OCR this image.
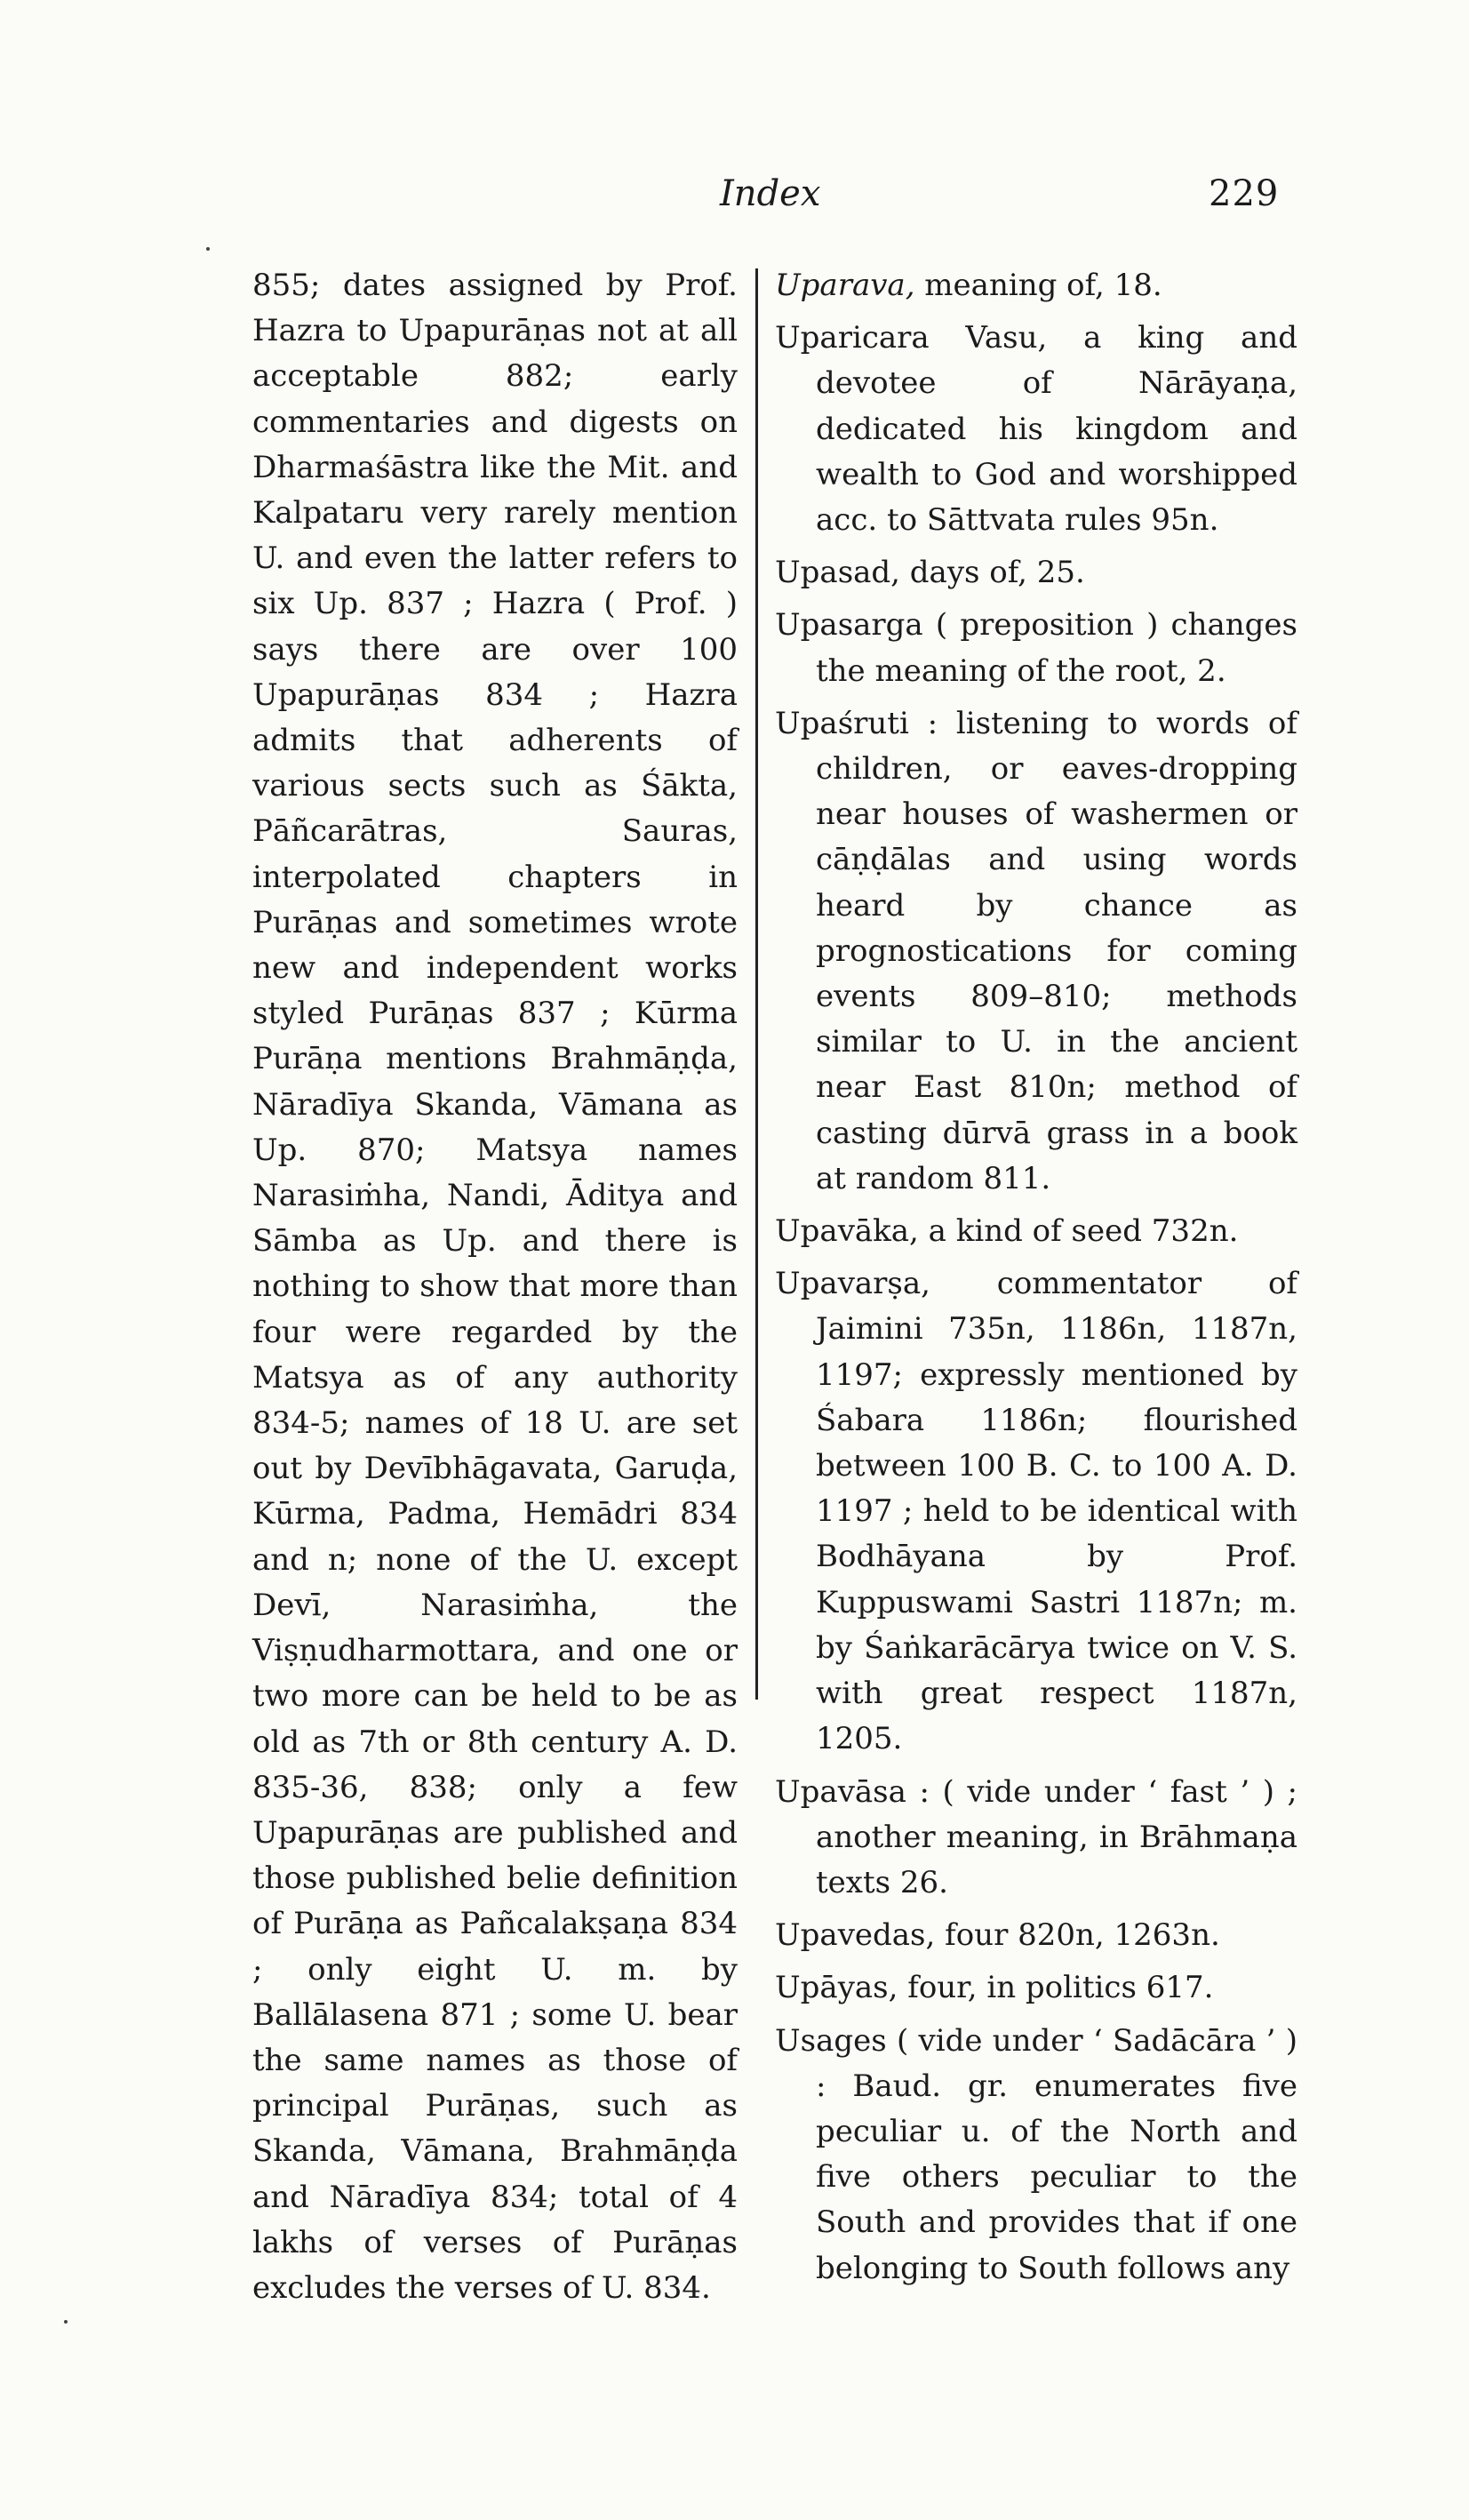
Index	229

855; dates assigned by Prof. Hazra to Upapurāṇas not at all acceptable 882; early commentaries and digests on Dharmaśāstra like the Mit. and Kalpataru very rarely mention U. and even the latter refers to six Up. 837 ; Hazra ( Prof. ) says there are over 100 Upapurāṇas 834 ; Hazra admits that adherents of various sects such as Śākta, Pāñcarātras, Sauras, interpolated chapters in Purāṇas and sometimes wrote new and independent works styled Purāṇas 837 ; Kūrma Purāṇa mentions Brahmāṇḍa, Nāradīya Skanda, Vāmana as Up. 870; Matsya names Narasiṁha, Nandi, Āditya and Sāmba as Up. and there is nothing to show that more than four were regarded by the Matsya as of any authority 834-5; names of 18 U. are set out by Devībhāgavata, Garuḍa, Kūrma, Padma, Hemādri 834 and n; none of the U. except Devī, Narasiṁha, the Viṣṇudharmottara, and one or two more can be held to be as old as 7th or 8th century A. D. 835-36, 838; only a few Upapurāṇas are published and those published belie definition of Purāṇa as Pañcalakṣaṇa 834 ; only eight U. m. by Ballālasena 871 ; some U. bear the same names as those of principal Purāṇas, such as Skanda, Vāmana, Brahmāṇḍa and Nāradīya 834; total of 4 lakhs of verses of Purāṇas excludes the verses of U. 834.

Uparava, meaning of, 18.

Uparicara Vasu, a king and devotee of Nārāyaṇa, dedicated his kingdom and wealth to God and worshipped acc. to Sāttvata rules 95n.

Upasad, days of, 25.

Upasarga ( preposition ) changes the meaning of the root, 2.

Upaśruti : listening to words of children, or eaves-dropping near houses of washermen or cāṇḍālas and using words heard by chance as prognostications for coming events 809–810; methods similar to U. in the ancient near East 810n; method of casting dūrvā grass in a book at random 811.

Upavāka, a kind of seed 732n.

Upavarṣa, commentator of Jaimini 735n, 1186n, 1187n, 1197; expressly mentioned by Śabara 1186n; flourished between 100 B. C. to 100 A. D. 1197 ; held to be identical with Bodhāyana by Prof. Kuppuswami Sastri 1187n; m. by Śaṅkarācārya twice on V. S. with great respect 1187n, 1205.

Upavāsa : ( vide under ‘ fast ’ ) ; another meaning, in Brāhmaṇa texts 26.

Upavedas, four 820n, 1263n.

Upāyas, four, in politics 617.

Usages ( vide under ‘ Sadācāra ’ ) : Baud. gr. enumerates five peculiar u. of the North and five others peculiar to the South and provides that if one belonging to South follows any
